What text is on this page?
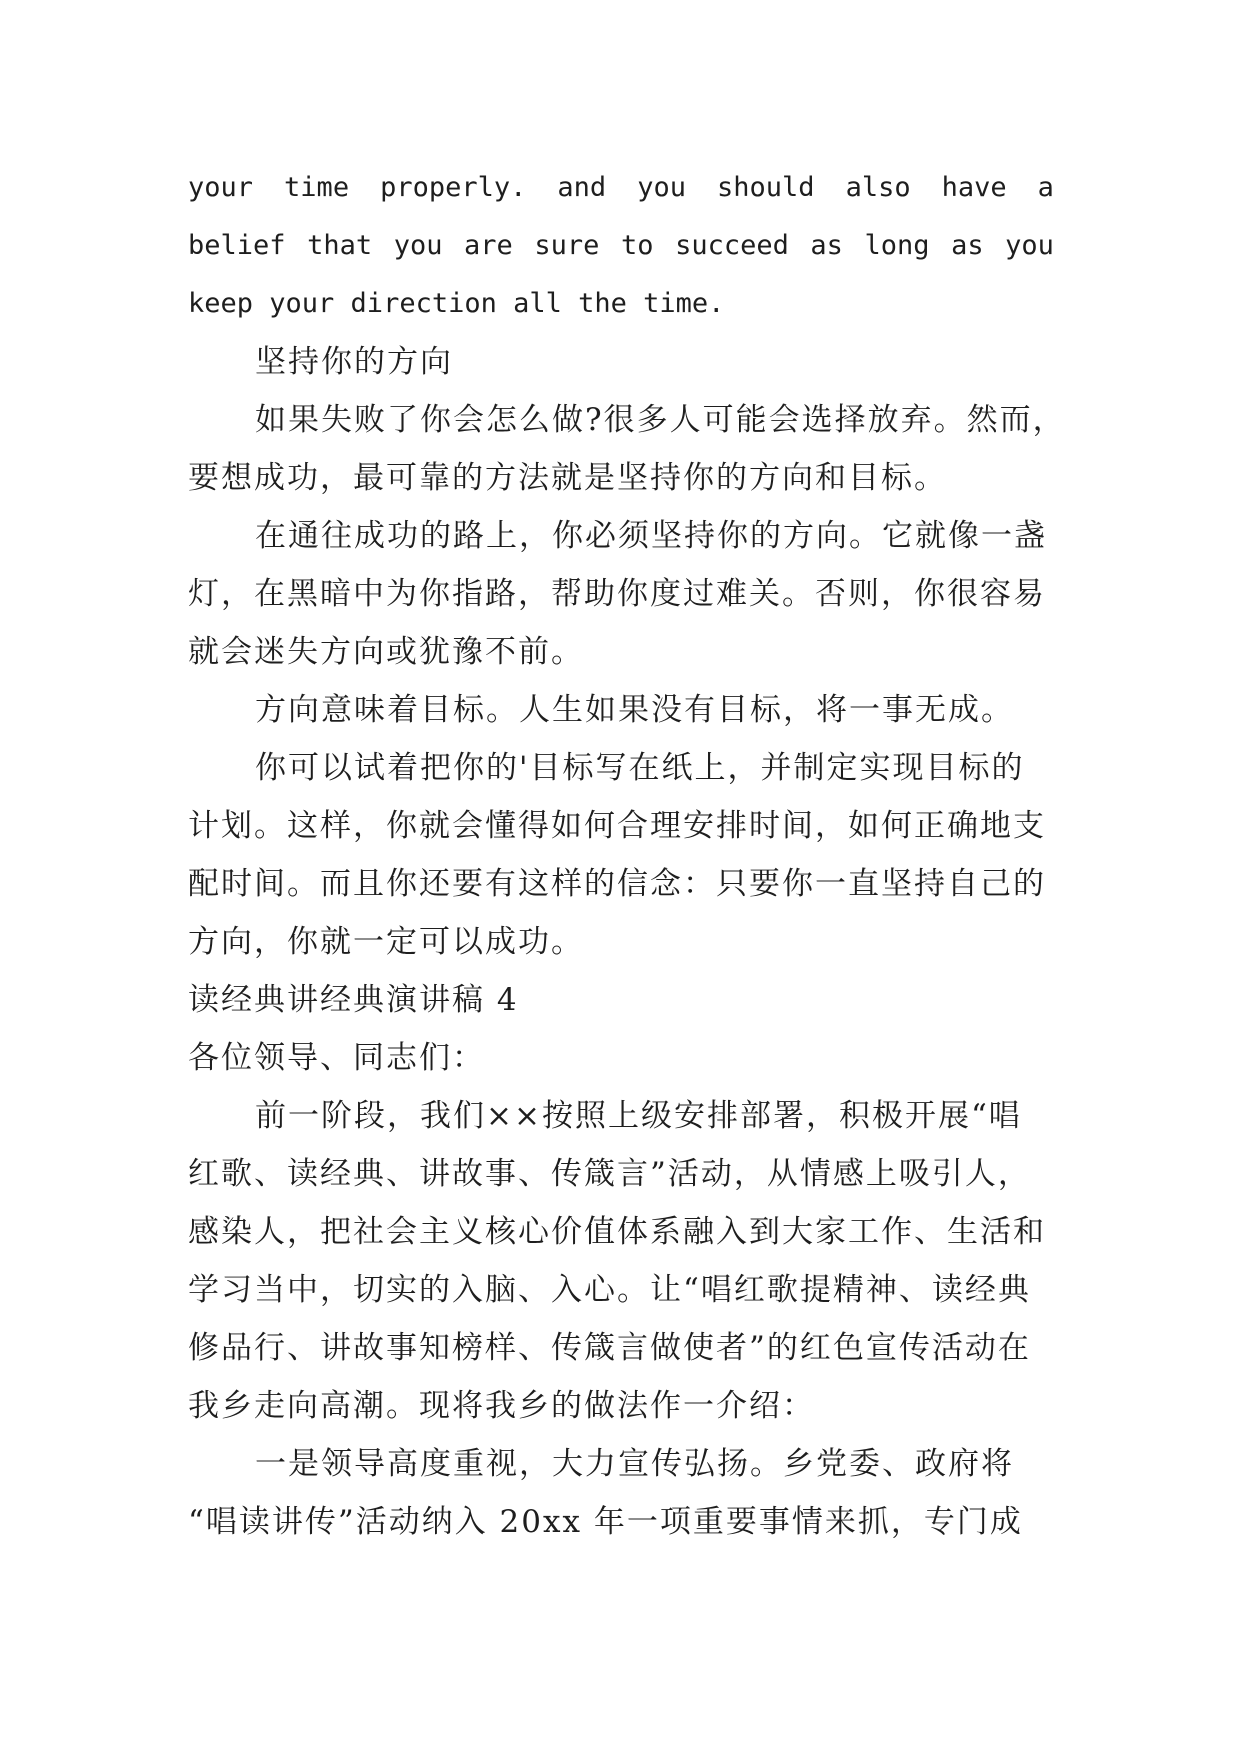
your time properly. and you should also have a
belief that you are sure to succeed as long as you
keep your direction all the time.
坚持你的方向
如果失败了你会怎么做?很多人可能会选择放弃。然而，
要想成功，最可靠的方法就是坚持你的方向和目标。
在通往成功的路上，你必须坚持你的方向。它就像一盏
灯，在黑暗中为你指路，帮助你度过难关。否则，你很容易
就会迷失方向或犹豫不前。
方向意味着目标。人生如果没有目标，将一事无成。
你可以试着把你的'目标写在纸上，并制定实现目标的
计划。这样，你就会懂得如何合理安排时间，如何正确地支
配时间。而且你还要有这样的信念：只要你一直坚持自己的
方向，你就一定可以成功。
读经典讲经典演讲稿 4
各位领导、同志们：
前一阶段，我们××按照上级安排部署，积极开展“唱
红歌、读经典、讲故事、传箴言”活动，从情感上吸引人，
感染人，把社会主义核心价值体系融入到大家工作、生活和
学习当中，切实的入脑、入心。让“唱红歌提精神、读经典
修品行、讲故事知榜样、传箴言做使者”的红色宣传活动在
我乡走向高潮。现将我乡的做法作一介绍：
一是领导高度重视，大力宣传弘扬。乡党委、政府将
“唱读讲传”活动纳入 20xx 年一项重要事情来抓，专门成
